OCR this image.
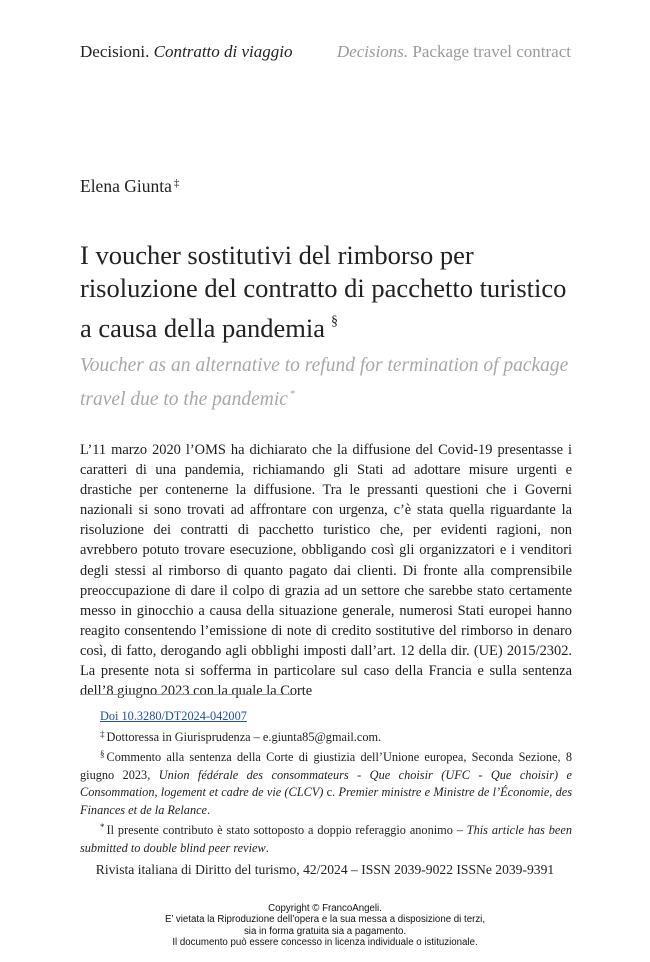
Decisioni. Contratto di viaggio	Decisions. Package travel contract
Elena Giunta ‡
I voucher sostitutivi del rimborso per risoluzione del contratto di pacchetto turistico a causa della pandemia §
Voucher as an alternative to refund for termination of package travel due to the pandemic *

L’11 marzo 2020 l’OMS ha dichiarato che la diffusione del Covid-19 presentasse i caratteri di una pandemia, richiamando gli Stati ad adottare misure urgenti e drastiche per contenerne la diffusione. Tra le pressanti questioni che i Governi nazionali si sono trovati ad affrontare con urgenza, c’è stata quella riguardante la risoluzione dei contratti di pacchetto turistico che, per evidenti ragioni, non avrebbero potuto trovare esecuzione, obbligando così gli organizzatori e i venditori degli stessi al rimborso di quanto pagato dai clienti. Di fronte alla comprensibile preoccupazione di dare il colpo di grazia ad un settore che sarebbe stato certamente messo in ginocchio a causa della situazione generale, numerosi Stati europei hanno reagito consentendo l’emissione di note di credito sostitutive del rimborso in denaro così, di fatto, derogando agli obblighi imposti dall’art. 12 della dir. (UE) 2015/2302. La presente nota si sofferma in particolare sul caso della Francia e sulla sentenza dell’8 giugno 2023 con la quale la Corte

Doi 10.3280/DT2024-042007

‡ Dottoressa in Giurisprudenza – e.giunta85@gmail.com.

§ Commento alla sentenza della Corte di giustizia dell’Unione europea, Seconda Sezione, 8 giugno 2023, Union fédérale des consommateurs - Que choisir (UFC - Que choisir) e Consommation, logement et cadre de vie (CLCV) c. Premier ministre e Ministre de l’Économie, des Finances et de la Relance.

* Il presente contributo è stato sottoposto a doppio referaggio anonimo – This article has been submitted to double blind peer review.

Rivista italiana di Diritto del turismo, 42/2024 – ISSN 2039-9022 ISSNe 2039-9391
Copyright © FrancoAngeli.
E’ vietata la Riproduzione dell’opera e la sua messa a disposizione di terzi,
sia in forma gratuita sia a pagamento.
Il documento può essere concesso in licenza individuale o istituzionale.
